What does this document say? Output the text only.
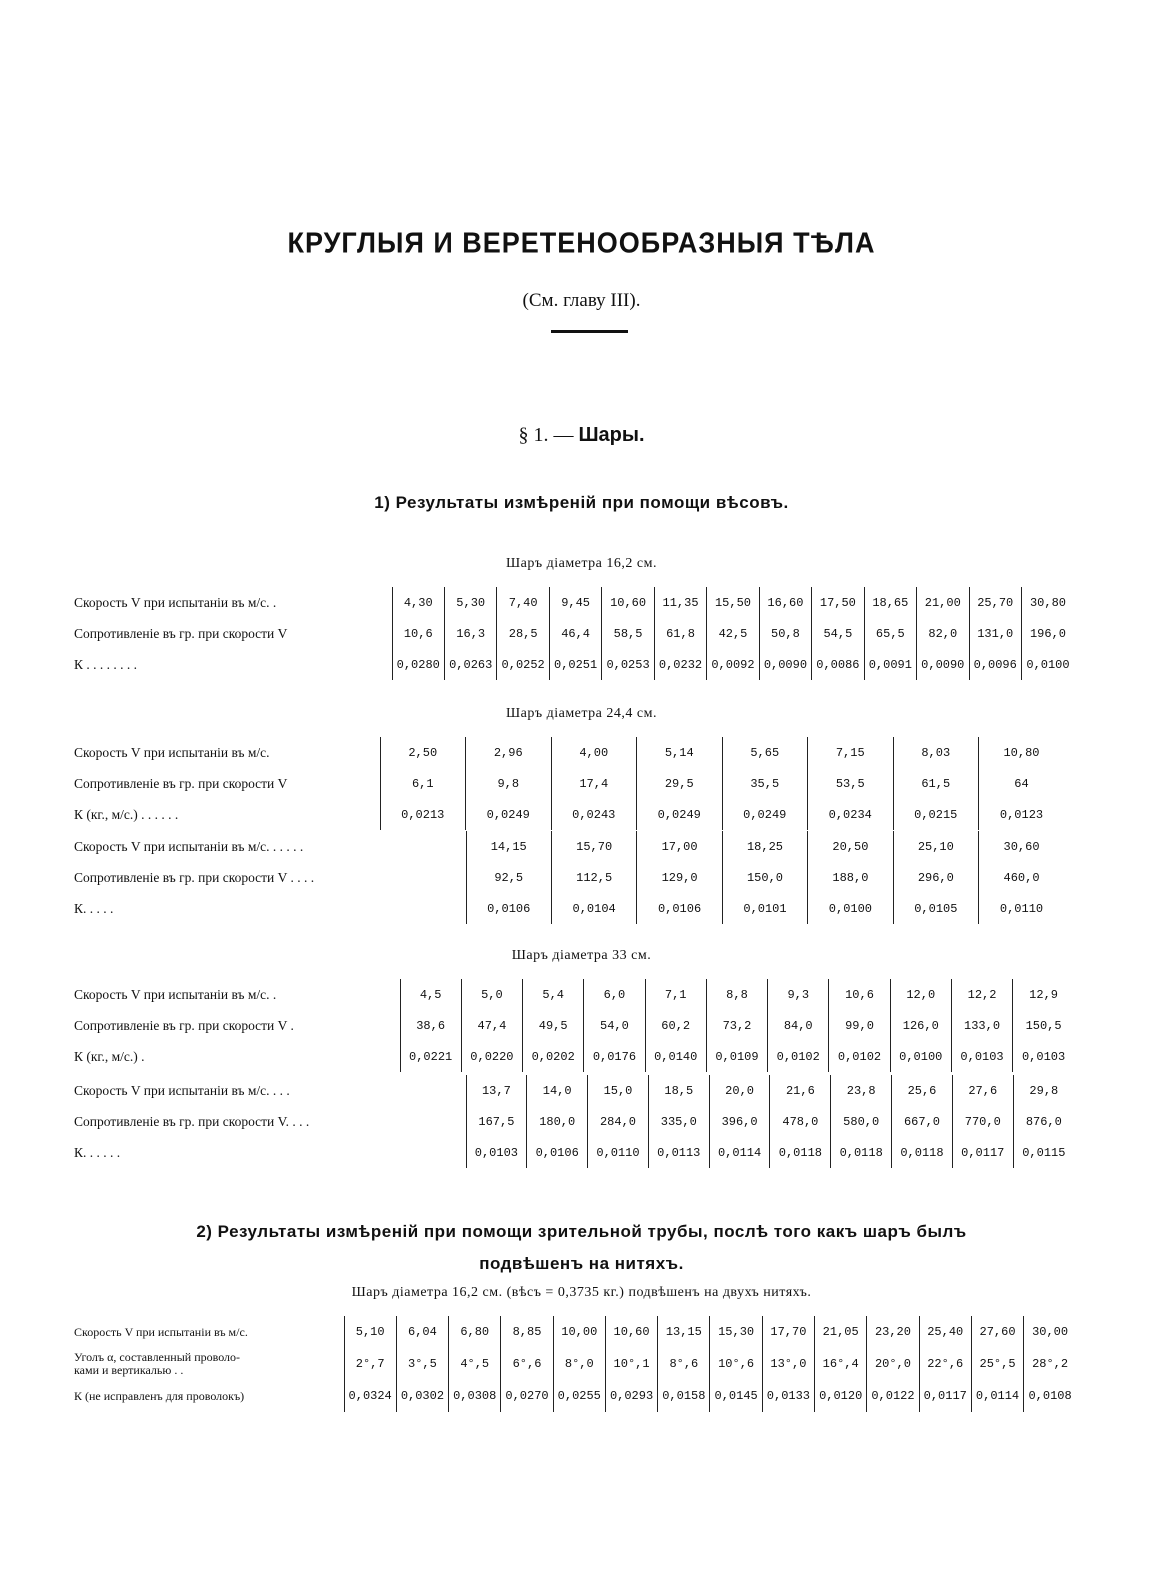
КРУГЛЫЯ И ВЕРЕТЕНООБРАЗНЫЯ ТѢЛА
(См. главу III).
§ 1. — Шары.
1) Результаты измѣреній при помощи вѣсовъ.
Шаръ діаметра 16,2 см.
Скорость V при испытаніи въ м/с. .	4,30	5,30	7,40	9,45	10,60	11,35	15,50	16,60	17,50	18,65	21,00	25,70	30,80
Сопротивленіе въ гр. при скорости V	10,6	16,3	28,5	46,4	58,5	61,8	42,5	50,8	54,5	65,5	82,0	131,0	196,0
К . . . . . . . .	0,0280	0,0263	0,0252	0,0251	0,0253	0,0232	0,0092	0,0090	0,0086	0,0091	0,0090	0,0096	0,0100
Шаръ діаметра 24,4 см.
Скорость V при испытаніи въ м/с.	2,50	2,96	4,00	5,14	5,65	7,15	8,03	10,80
Сопротивленіе въ гр. при скорости V	6,1	9,8	17,4	29,5	35,5	53,5	61,5	64
К (кг., м/с.) . . . . . .	0,0213	0,0249	0,0243	0,0249	0,0249	0,0234	0,0215	0,0123
Скорость V при испытаніи въ м/с. . . . . .	14,15	15,70	17,00	18,25	20,50	25,10	30,60
Сопротивленіе въ гр. при скорости V . . . .	92,5	112,5	129,0	150,0	188,0	296,0	460,0
К. . . . .	0,0106	0,0104	0,0106	0,0101	0,0100	0,0105	0,0110
Шаръ діаметра 33 см.
Скорость V при испытаніи въ м/с. .	4,5	5,0	5,4	6,0	7,1	8,8	9,3	10,6	12,0	12,2	12,9
Сопротивленіе въ гр. при скорости V .	38,6	47,4	49,5	54,0	60,2	73,2	84,0	99,0	126,0	133,0	150,5
К (кг., м/с.) .	0,0221	0,0220	0,0202	0,0176	0,0140	0,0109	0,0102	0,0102	0,0100	0,0103	0,0103
Скорость V при испытаніи въ м/с. . . .	13,7	14,0	15,0	18,5	20,0	21,6	23,8	25,6	27,6	29,8
Сопротивленіе въ гр. при скорости V. . . .	167,5	180,0	284,0	335,0	396,0	478,0	580,0	667,0	770,0	876,0
К. . . . . .	0,0103	0,0106	0,0110	0,0113	0,0114	0,0118	0,0118	0,0118	0,0117	0,0115
2) Результаты измѣреній при помощи зрительной трубы, послѣ того какъ шаръ былъ
подвѣшенъ на нитяхъ.
Шаръ діаметра 16,2 см. (вѣсъ = 0,3735 кг.) подвѣшенъ на двухъ нитяхъ.
Скорость V при испытаніи въ м/с.	5,10	6,04	6,80	8,85	10,00	10,60	13,15	15,30	17,70	21,05	23,20	25,40	27,60	30,00

Уголъ α, составленный проволо-
ками и вертикалью . .	2°,7	3°,5	4°,5	6°,6	8°,0	10°,1	8°,6	10°,6	13°,0	16°,4	20°,0	22°,6	25°,5	28°,2
К (не исправленъ для проволокъ)	0,0324	0,0302	0,0308	0,0270	0,0255	0,0293	0,0158	0,0145	0,0133	0,0120	0,0122	0,0117	0,0114	0,0108
